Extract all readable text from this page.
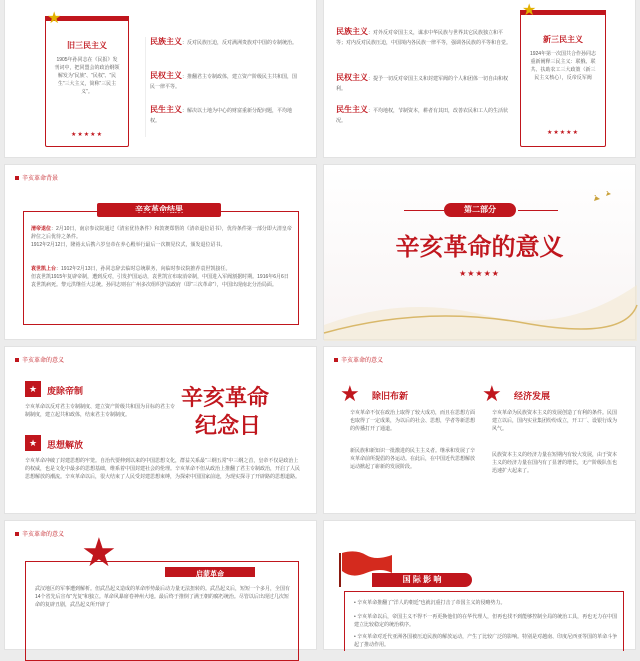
旧三民主义
1905年孙同志在《民报》发刊词中，把同盟会的政治纲领解发为“民族”、“民权”、“民生”三大主义，简称“三民主义”。
★★★★★
★
民族主义：反对民族压迫，反对满洲贵族对中国的专制统治。
民权主义：推翻君主专制政体，建立资产阶级民主共和国，国民一律平等。
民生主义：解决以土地为中心的财富重新分配问题，平均地权。
民族主义：对外反对帝国主义，谋求中华民族与世界其它民族独立和平等；对内反对民族压迫，中国境内各民族一律平等，强调各民族的平等和自觉。
民权主义：提予一切反对帝国主义和封建军阀的个人和团体一切自由和权利。
民生主义：平均地权，节制资本，耕者有其田，改善农民和工人的生活状况。
新三民主义
1924年第一次国共合作孙同志重新阐释三民主义：联俄、联共、扶助农工三大政策（新三民主义核心），反帝反军阀
★★★★★
★
辛亥革命背景
辛亥革命结果
清帝退位：2月10日，南京参议院通过《清室优待条件》和敦赛郑帮的《清帝退位诏书》，优待条件第一部分即大清皇帝辞位之后优待之条件。
1912年2月12日，隆裕太后携六岁皇帝在养心殿举行最后一次朝见仪式，颁发退位诏书。
袁世凯上台：1912年2月13日，孙同志辞去临时总统职务，向临时参议院推荐袁世凯接任。
但袁世凯1915年复辟帝制，遭到反对，引发护国运动，袁世凯宣布取消帝制，中国进入军阀割据时期。1916年6月6日袁世凯病死。黎元洪继任大总统。孙同志则在广州多次组织护法政府（即“三次革命”），中国出现南北分治局面。
第二部分
辛亥革命的意义
★★★★★
辛亥革命的意义
辛亥革命
纪念日
★	废除帝制
辛亥革命以反对君主专制制度、建立资产阶级共和国为目标的君主专制制度，建立起共和政体，结束君主专制制度。
★	思想解放
辛亥革命冲破了封建思想的牢笼。自治代要伸到以来的中国思想文化，群益关系最“三纲五常”中三纲之首，皇帝不仅是政治上的权威，也是文化中最多的思想基础，维系着中国封建社会的伦理。辛亥革命不但从政治上推翻了君主专制政治，开启了人民思想解放的潮流。辛亥革命以后，很大结束了人民受封建思想束缚，为探索中国国家前途，为现实探寻了开辟路的思想道路。
辛亥革命的意义
★ 除旧布新
辛亥革命不仅在政治上取得了较大成功，而且在思想方面也取得了一定成果，为以后的社会、思想，学者等新思想的传播打开了通道。
新民族和新知识一批激进的民主主义者。继承和发展了辛亥革命前所提倡的各运动。在此后，在中国近代思想解放运动掀起了崭新的发展阶段。
★ 经济发展
辛亥革命为民族资本主义的发展创造了有利的条件。民国建立以后，国内实业集团纷纷成立，开工厂、设银行成为风气。
民族资本主义的经济力量在短期内有较大发展，由于资本主义的经济力量在国内有了显著的增长，无产阶级队伍也迅速扩大起来了。
辛亥革命的意义 ★	启蒙革命
武汉地区的军事遭到解析。但武昌起义造成的革命形势最后动力量无法扭转的。武昌起义后，短短一个多月，全国有14个省先后宣布“光复”和独立。革命风暴席卷神州大地。最后终于推倒了满王朝的腐朽统治。尽管以后出现过几次短命的复辟丑剧，武昌起义所开辟了
国 际 影 响
• 辛亥革命推翻了“洋人的朝廷”也就沉重打击了帝国主义的侵略势力。
• 辛亥革命以后，帝国主义不得不一再更换他们的在华代理人，但再也找不到能够控制全局的统治工具，再也无力在中国建立比较稳定的统治秩序。
• 辛亥革命对近代亚洲各国被压迫民族的解放运动，产生了比较广泛的影响。特别是对越南、印度尼西亚等国的革命斗争起了推动作用。
